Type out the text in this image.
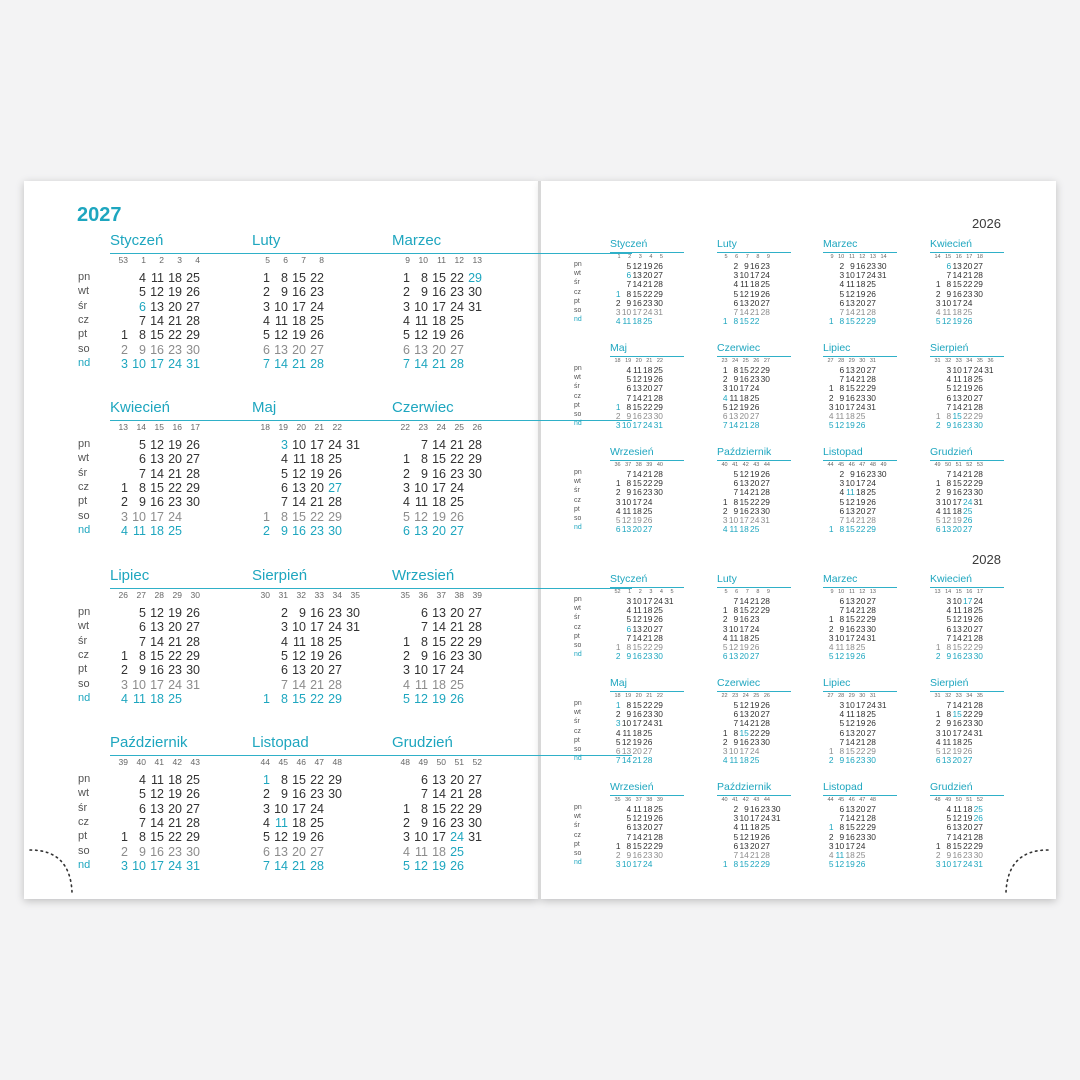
2027
Styczeń
53 1 2 3 4
4 11 18 25
5 12 19 26
6 13 20 27
7 14 21 28
1 8 15 22 29
2 9 16 23 30
3 10 17 24 31
pn
wt
śr
cz
pt
so
nd
Luty
5 6 7 8
1 8 15 22
2 9 16 23
3 10 17 24
4 11 18 25
5 12 19 26
6 13 20 27
7 14 21 28
Marzec
9 10 11 12 13
1 8 15 22 29
2 9 16 23 30
3 10 17 24 31
4 11 18 25
5 12 19 26
6 13 20 27
7 14 21 28
Kwiecień
13 14 15 16 17
5 12 19 26
6 13 20 27
7 14 21 28
1 8 15 22 29
2 9 16 23 30
3 10 17 24
4 11 18 25
pn
wt
śr
cz
pt
so
nd
Maj
18 19 20 21 22
3 10 17 24 31
4 11 18 25
5 12 19 26
6 13 20 27
7 14 21 28
1 8 15 22 29
2 9 16 23 30
Czerwiec
22 23 24 25 26
7 14 21 28
1 8 15 22 29
2 9 16 23 30
3 10 17 24
4 11 18 25
5 12 19 26
6 13 20 27
Lipiec
26 27 28 29 30
5 12 19 26
6 13 20 27
7 14 21 28
1 8 15 22 29
2 9 16 23 30
3 10 17 24 31
4 11 18 25
pn
wt
śr
cz
pt
so
nd
Sierpień
30 31 32 33 34 35
2 9 16 23 30
3 10 17 24 31
4 11 18 25
5 12 19 26
6 13 20 27
7 14 21 28
1 8 15 22 29
Wrzesień
35 36 37 38 39
6 13 20 27
7 14 21 28
1 8 15 22 29
2 9 16 23 30
3 10 17 24
4 11 18 25
5 12 19 26
Październik
39 40 41 42 43
4 11 18 25
5 12 19 26
6 13 20 27
7 14 21 28
1 8 15 22 29
2 9 16 23 30
3 10 17 24 31
pn
wt
śr
cz
pt
so
nd
Listopad
44 45 46 47 48
1 8 15 22 29
2 9 16 23 30
3 10 17 24
4 11 18 25
5 12 19 26
6 13 20 27
7 14 21 28
Grudzień
48 49 50 51 52
6 13 20 27
7 14 21 28
1 8 15 22 29
2 9 16 23 30
3 10 17 24 31
4 11 18 25
5 12 19 26
2026
Styczeń
1 2 3 4 5
5121926
6132027
7142128
1 8152229
2 9162330
310172431
4 111825
pn
wt
śr
cz
pt
so
nd
Luty
5 6 7 8 9
2 91623
3101724
4 111825
5121926
6132027
7142128
1 81522
Marzec
9 10 11 12 13 14
2 9162330
310172431
4 111825
5121926
6132027
7142128
1 8152229
Kwiecień
14 15 16 17 18
6132027
7142128
1 8152229
2 9162330
3101724
4 111825
5121926
Maj
18 19 20 21 22
4 111825
5121926
6132027
7142128
1 8152229
2 9162330
310172431
pn
wt
śr
cz
pt
so
nd
Czerwiec
23 24 25 26 27
1 8152229
2 9162330
3101724
4 111825
5121926
6132027
7142128
Lipiec
27 28 29 30 31
6132027
7142128
1 8152229
2 9162330
310172431
4 111825
5121926
Sierpień
31 32 33 34 35 36
310172431
4 111825
5121926
6132027
7142128
1 8152229
2 9162330
Wrzesień
36 37 38 39 40
7142128
1 8152229
2 9162330
3101724
4 111825
5121926
6132027
pn
wt
śr
cz
pt
so
nd
Październik
40 41 42 43 44
5121926
6132027
7142128
1 8152229
2 9162330
310172431
4 111825
Listopad
44 45 46 47 48 49
2 9162330
3101724
4 111825
5121926
6132027
7142128
1 8152229
Grudzień
49 50 51 52 53
7142128
1 8152229
2 9162330
310172431
4 111825
5121926
6132027
2028
Styczeń
52 1 2 3 4 5
310172431
4 111825
5121926
6132027
7142128
1 8152229
2 9162330
pn
wt
śr
cz
pt
so
nd
Luty
5 6 7 8 9
7142128
1 8152229
2 91623
3101724
4 111825
5121926
6132027
Marzec
9 10 11 12 13
6132027
7142128
1 8152229
2 9162330
310172431
4 111825
5121926
Kwiecień
13 14 15 16 17
3101724
4 111825
5121926
6132027
7142128
1 8152229
2 9162330
Maj
18 19 20 21 22
1 8152229
2 9162330
310172431
4 111825
5121926
6132027
7142128
pn
wt
śr
cz
pt
so
nd
Czerwiec
22 23 24 25 26
5121926
6132027
7142128
1 8152229
2 9162330
3101724
4 111825
Lipiec
27 28 29 30 31
310172431
4 111825
5121926
6132027
7142128
1 8152229
2 9162330
Sierpień
31 32 33 34 35
7142128
1 8152229
2 9162330
310172431
4 111825
5121926
6132027
Wrzesień
35 36 37 38 39
4 111825
5121926
6132027
7142128
1 8152229
2 9162330
3101724
pn
wt
śr
cz
pt
so
nd
Październik
40 41 42 43 44
2 9162330
310172431
4 111825
5121926
6132027
7142128
1 8152229
Listopad
44 45 46 47 48
6132027
7142128
1 8152229
2 9162330
3101724
4 111825
5121926
Grudzień
48 49 50 51 52
4 111825
5121926
6132027
7142128
1 8152229
2 9162330
310172431
